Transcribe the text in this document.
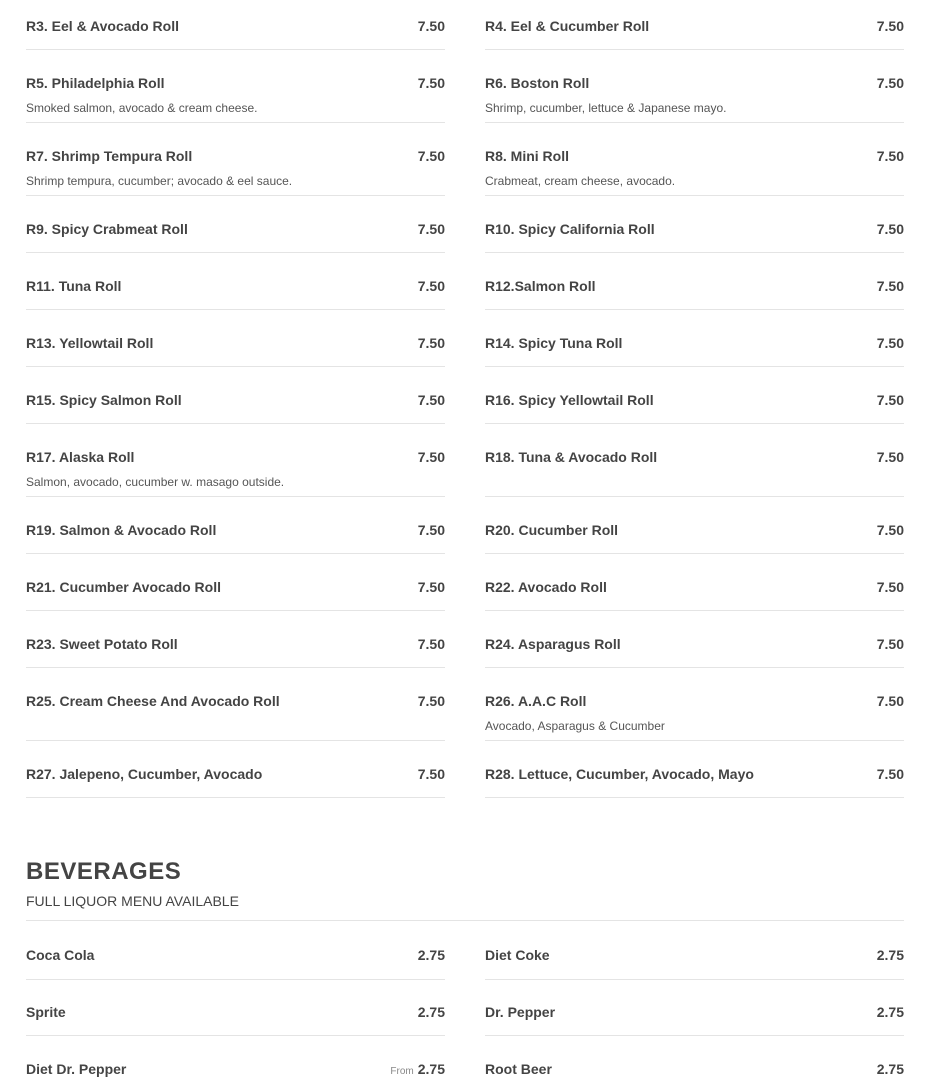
R3. Eel & Avocado Roll	7.50
R5. Philadelphia Roll	7.50
Smoked salmon, avocado & cream cheese.
R7. Shrimp Tempura Roll	7.50
Shrimp tempura, cucumber; avocado & eel sauce.
R9. Spicy Crabmeat Roll	7.50
R11. Tuna Roll	7.50
R13. Yellowtail Roll	7.50
R15. Spicy Salmon Roll	7.50
R17. Alaska Roll	7.50
Salmon, avocado, cucumber w. masago outside.
R19. Salmon & Avocado Roll	7.50
R21. Cucumber Avocado Roll	7.50
R23. Sweet Potato Roll	7.50
R25. Cream Cheese And Avocado Roll	7.50
R27. Jalepeno, Cucumber, Avocado	7.50
R4. Eel & Cucumber Roll	7.50
R6. Boston Roll	7.50
Shrimp, cucumber, lettuce & Japanese mayo.
R8. Mini Roll	7.50
Crabmeat, cream cheese, avocado.
R10. Spicy California Roll	7.50
R12.Salmon Roll	7.50
R14. Spicy Tuna Roll	7.50
R16. Spicy Yellowtail Roll	7.50
R18. Tuna & Avocado Roll	7.50
R20. Cucumber Roll	7.50
R22. Avocado Roll	7.50
R24. Asparagus Roll	7.50
R26. A.A.C Roll	7.50
Avocado, Asparagus & Cucumber
R28. Lettuce, Cucumber, Avocado, Mayo	7.50
BEVERAGES
FULL LIQUOR MENU AVAILABLE
Coca Cola	2.75
Sprite	2.75
Diet Dr. Pepper	From 2.75
Diet Coke	2.75
Dr. Pepper	2.75
Root Beer	2.75
